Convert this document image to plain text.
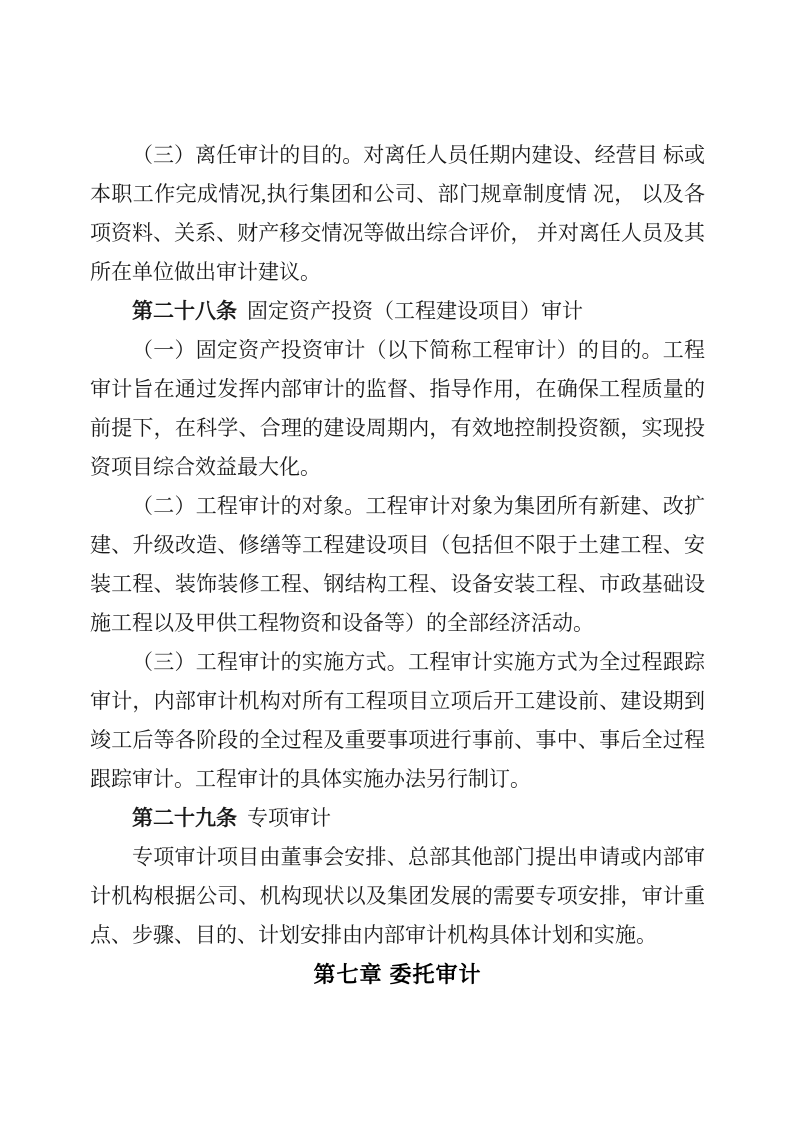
（三）离任审计的目的。对离任人员任期内建设、经营目 标或本职工作完成情况,执行集团和公司、部门规章制度情 况， 以及各项资料、关系、财产移交情况等做出综合评价， 并对离任人员及其所在单位做出审计建议。

第二十八条 固定资产投资（工程建设项目）审计

（一）固定资产投资审计（以下简称工程审计）的目的。工程审计旨在通过发挥内部审计的监督、指导作用，在确保工程质量的前提下，在科学、合理的建设周期内，有效地控制投资额，实现投资项目综合效益最大化。

（二）工程审计的对象。工程审计对象为集团所有新建、改扩建、升级改造、修缮等工程建设项目（包括但不限于土建工程、安装工程、装饰装修工程、钢结构工程、设备安装工程、市政基础设施工程以及甲供工程物资和设备等）的全部经济活动。

（三）工程审计的实施方式。工程审计实施方式为全过程跟踪审计，内部审计机构对所有工程项目立项后开工建设前、建设期到竣工后等各阶段的全过程及重要事项进行事前、事中、事后全过程跟踪审计。工程审计的具体实施办法另行制订。

第二十九条 专项审计

专项审计项目由董事会安排、总部其他部门提出申请或内部审计机构根据公司、机构现状以及集团发展的需要专项安排，审计重点、步骤、目的、计划安排由内部审计机构具体计划和实施。

第七章 委托审计
